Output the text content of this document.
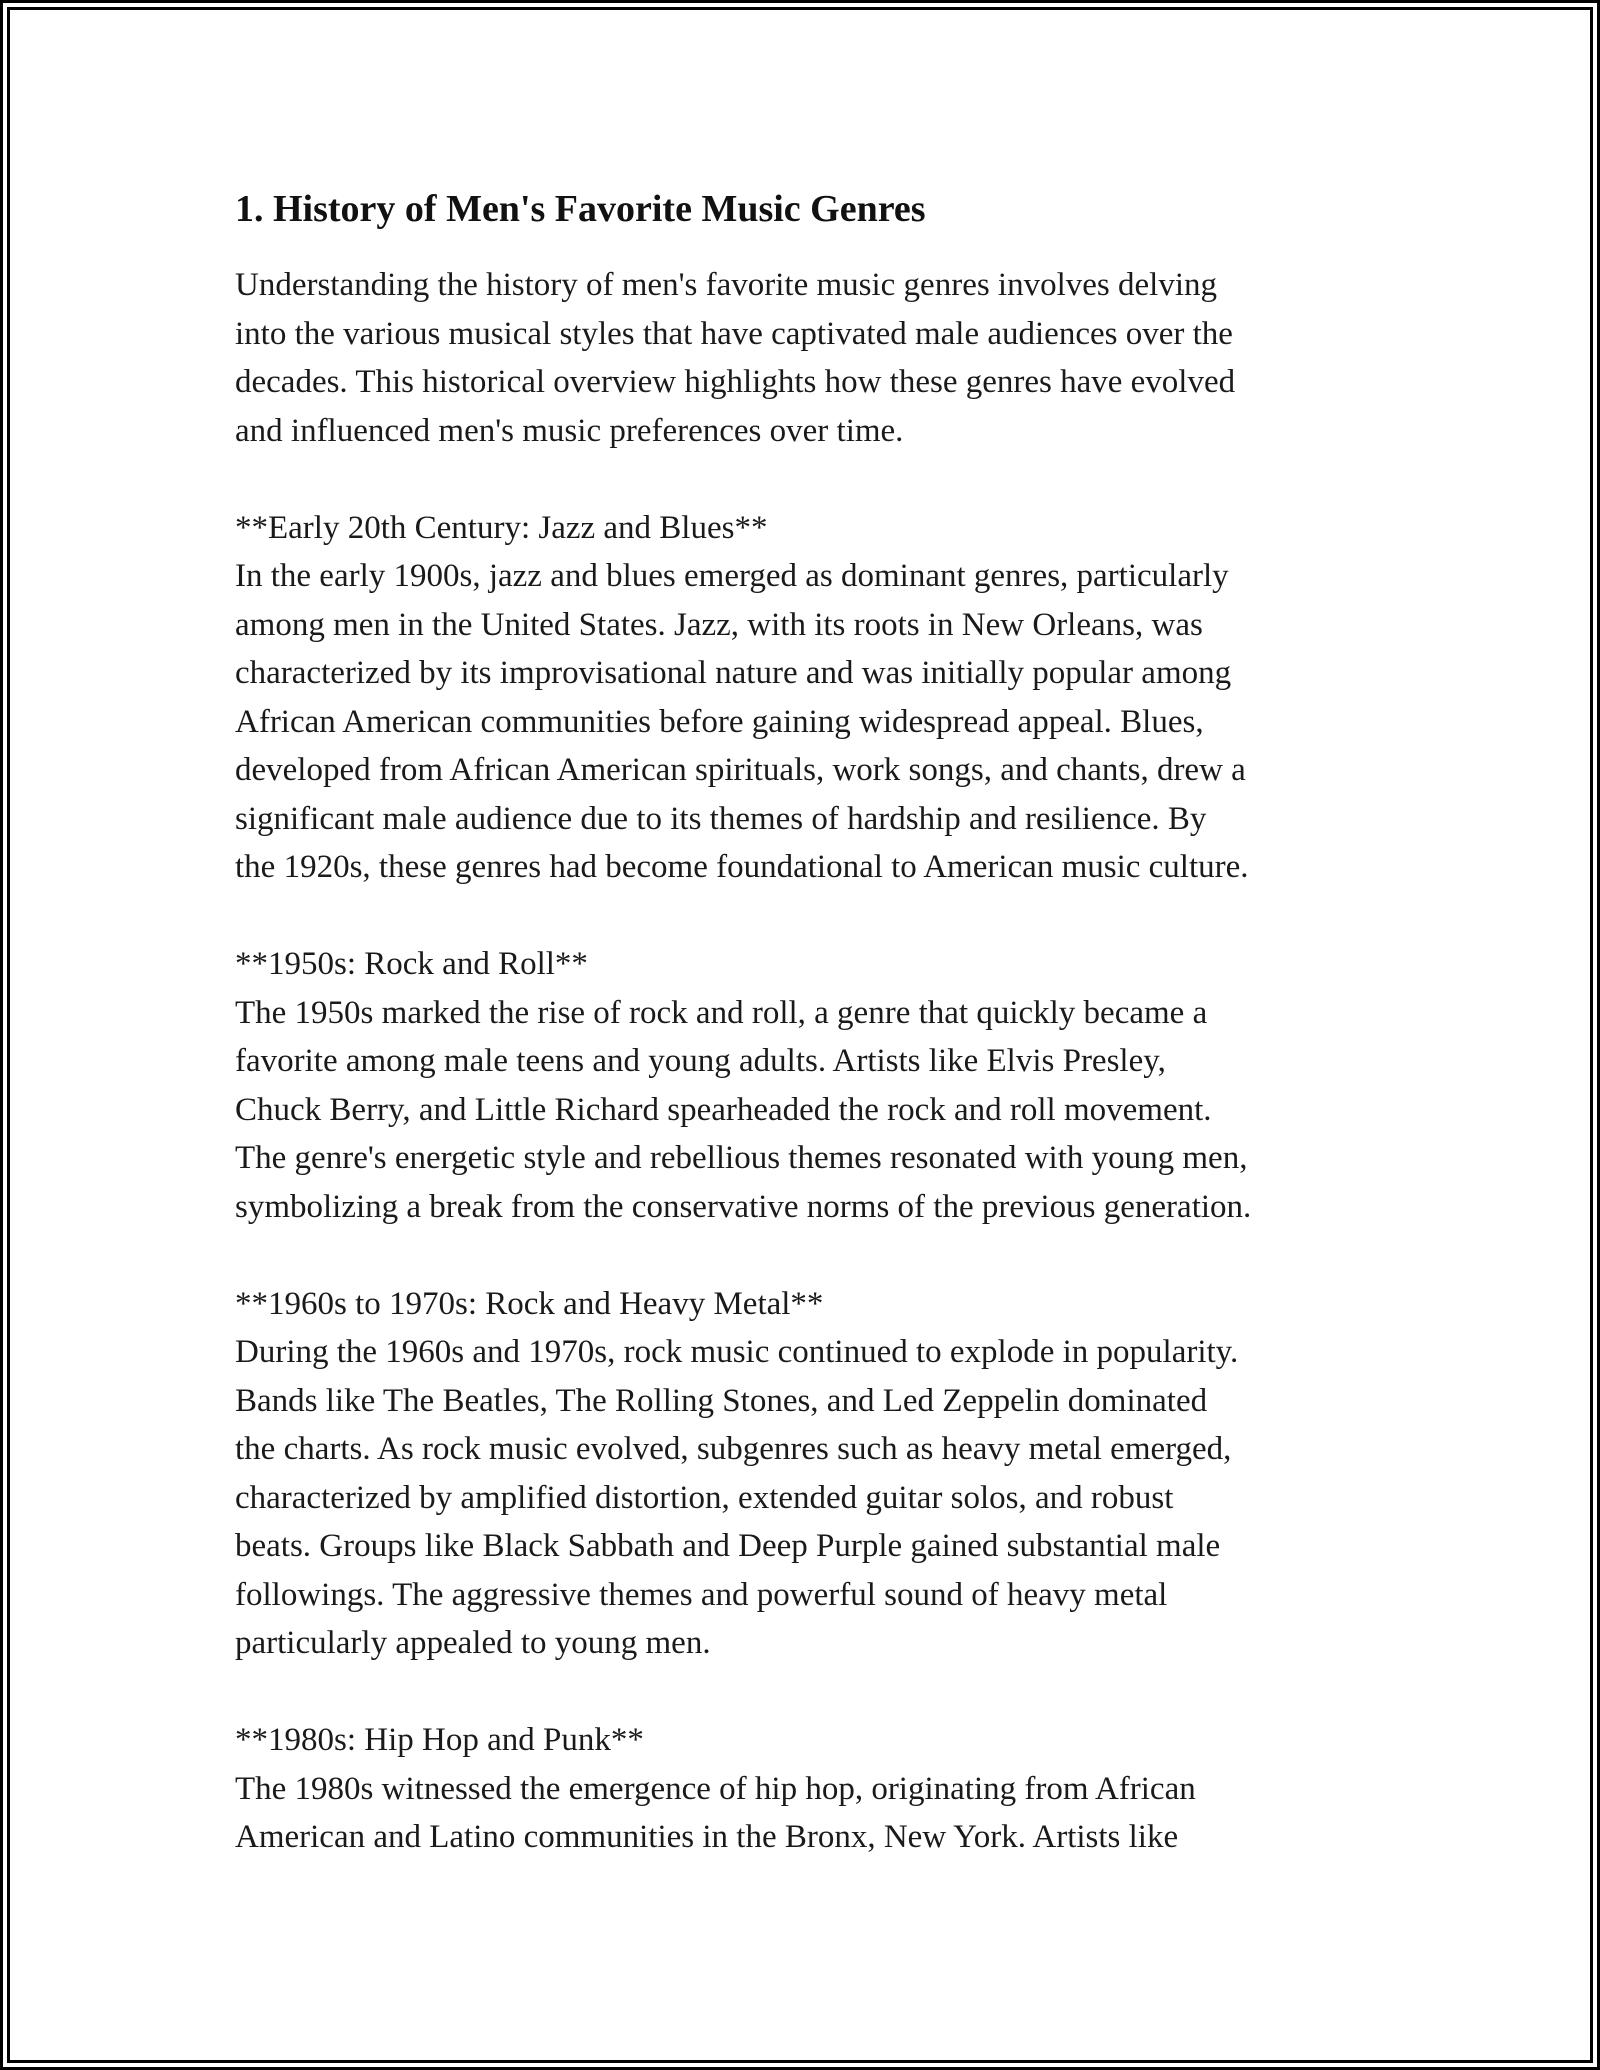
1. History of Men's Favorite Music Genres

Understanding the history of men's favorite music genres involves delving
into the various musical styles that have captivated male audiences over the
decades. This historical overview highlights how these genres have evolved
and influenced men's music preferences over time.

**Early 20th Century: Jazz and Blues**

In the early 1900s, jazz and blues emerged as dominant genres, particularly
among men in the United States. Jazz, with its roots in New Orleans, was
characterized by its improvisational nature and was initially popular among
African American communities before gaining widespread appeal. Blues,
developed from African American spirituals, work songs, and chants, drew a
significant male audience due to its themes of hardship and resilience. By
the 1920s, these genres had become foundational to American music culture.

**1950s: Rock and Roll**

The 1950s marked the rise of rock and roll, a genre that quickly became a
favorite among male teens and young adults. Artists like Elvis Presley,
Chuck Berry, and Little Richard spearheaded the rock and roll movement.
The genre's energetic style and rebellious themes resonated with young men,
symbolizing a break from the conservative norms of the previous generation.

**1960s to 1970s: Rock and Heavy Metal**

During the 1960s and 1970s, rock music continued to explode in popularity.
Bands like The Beatles, The Rolling Stones, and Led Zeppelin dominated
the charts. As rock music evolved, subgenres such as heavy metal emerged,
characterized by amplified distortion, extended guitar solos, and robust
beats. Groups like Black Sabbath and Deep Purple gained substantial male
followings. The aggressive themes and powerful sound of heavy metal
particularly appealed to young men.

**1980s: Hip Hop and Punk**

The 1980s witnessed the emergence of hip hop, originating from African
American and Latino communities in the Bronx, New York. Artists like
